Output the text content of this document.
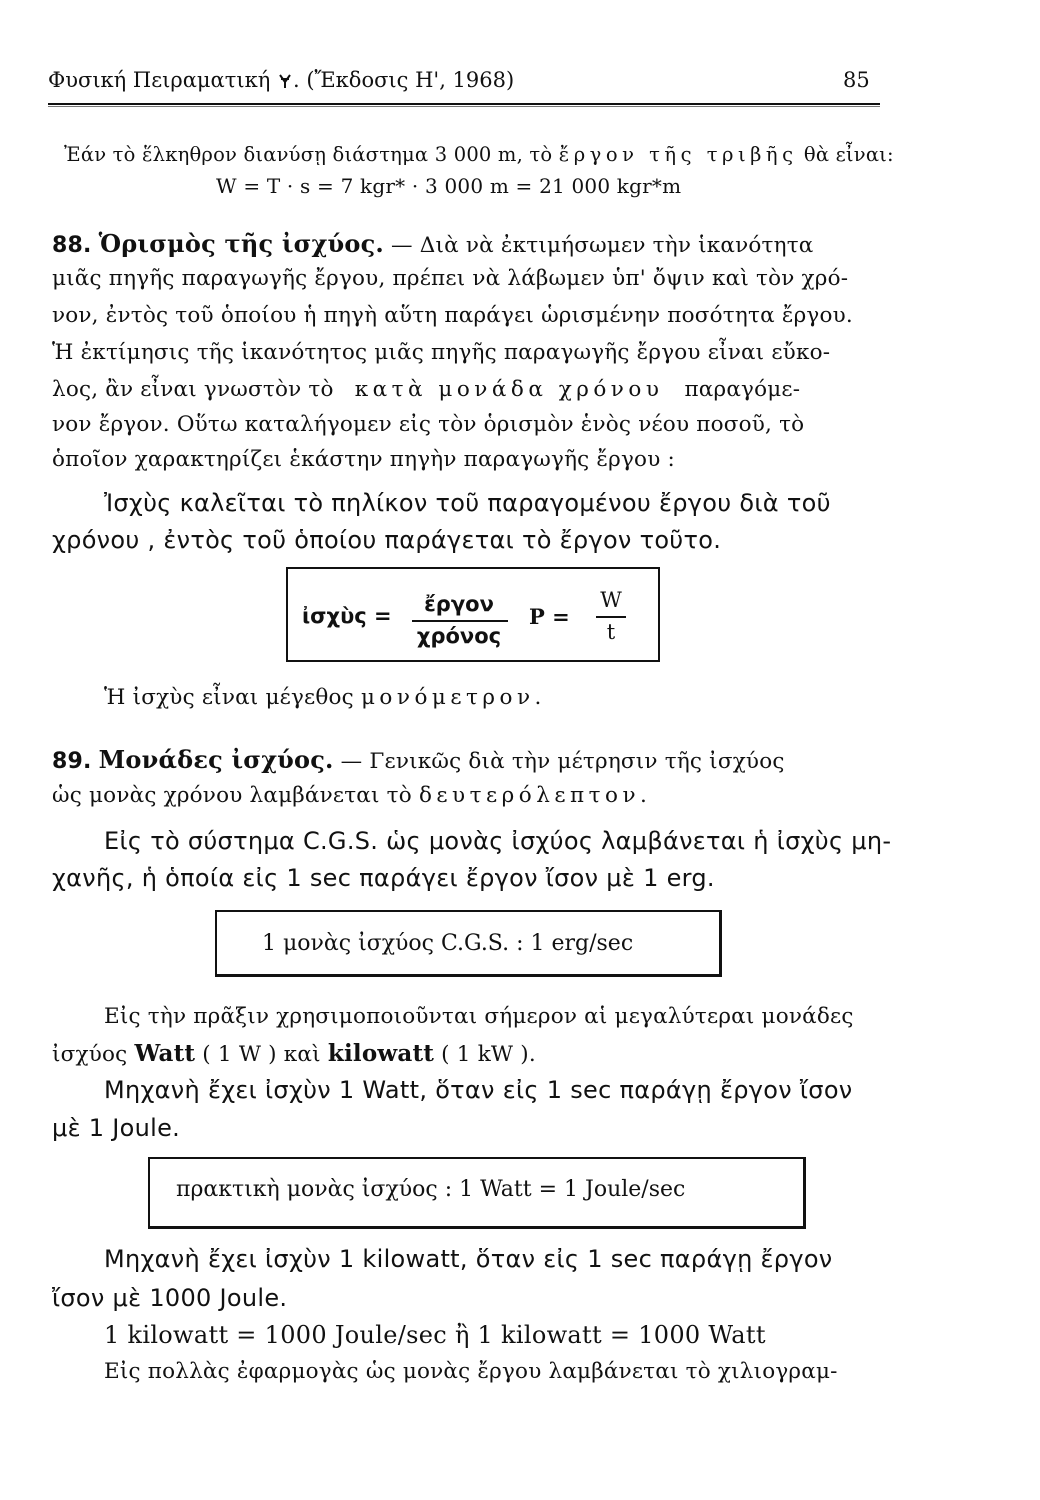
Φυσική Πειραματική . (Ἔκδοσις Η', 1968)	85
Ἐάν τὸ ἕλκηθρον διανύσῃ διάστημα 3 000 m, τὸ ἔργον τῆς τριβῆς θὰ εἶναι:
W = T · s = 7 kgr* · 3 000 m = 21 000 kgr*m
88. Ὁρισμὸς τῆς ἰσχύος. — Διὰ νὰ ἐκτιμήσωμεν τὴν ἱκανότητα
μιᾶς πηγῆς παραγωγῆς ἔργου, πρέπει νὰ λάβωμεν ὑπ' ὄψιν καὶ τὸν χρό-
νον, ἐντὸς τοῦ ὁποίου ἡ πηγὴ αὕτη παράγει ὡρισμένην ποσότητα ἔργου.
Ἡ ἐκτίμησις τῆς ἱκανότητος μιᾶς πηγῆς παραγωγῆς ἔργου εἶναι εὔκο-
λος, ἂν εἶναι γνωστὸν τὸ κατὰ μονάδα χρόνου παραγόμε-
νον ἔργον. Οὕτω καταλήγομεν εἰς τὸν ὁρισμὸν ἑνὸς νέου ποσοῦ, τὸ
ὁποῖον χαρακτηρίζει ἑκάστην πηγὴν παραγωγῆς ἔργου :
Ἰσχὺς καλεῖται τὸ πηλίκον τοῦ παραγομένου ἔργου διὰ τοῦ
χρόνου , ἐντὸς τοῦ ὁποίου παράγεται τὸ ἔργον τοῦτο.
ἰσχὺς =	ἔργον
χρόνος
P =
W
t
Ἡ ἰσχὺς εἶναι μέγεθος μονόμετρον.
89. Μονάδες ἰσχύος. — Γενικῶς διὰ τὴν μέτρησιν τῆς ἰσχύος
ὡς μονὰς χρόνου λαμβάνεται τὸ δευτερόλεπτον.
Εἰς τὸ σύστημα C.G.S. ὡς μονὰς ἰσχύος λαμβάνεται ἡ ἰσχὺς μη-
χανῆς, ἡ ὁποία εἰς 1 sec παράγει ἔργον ἴσον μὲ 1 erg.
1 μονὰς ἰσχύος C.G.S. : 1 erg/sec
Εἰς τὴν πρᾶξιν χρησιμοποιοῦνται σήμερον αἱ μεγαλύτεραι μονάδες
ἰσχύος Watt ( 1 W ) καὶ kilowatt ( 1 kW ).
Μηχανὴ ἔχει ἰσχὺν 1 Watt, ὅταν εἰς 1 sec παράγῃ ἔργον ἴσον
μὲ 1 Joule.
πρακτικὴ μονὰς ἰσχύος : 1 Watt = 1 Joule/sec
Μηχανὴ ἔχει ἰσχὺν 1 kilowatt, ὅταν εἰς 1 sec παράγῃ ἔργον
ἴσον μὲ 1000 Joule.
1 kilowatt = 1000 Joule/sec ἢ 1 kilowatt = 1000 Watt
Εἰς πολλὰς ἐφαρμογὰς ὡς μονὰς ἔργου λαμβάνεται τὸ χιλιογραμ-
